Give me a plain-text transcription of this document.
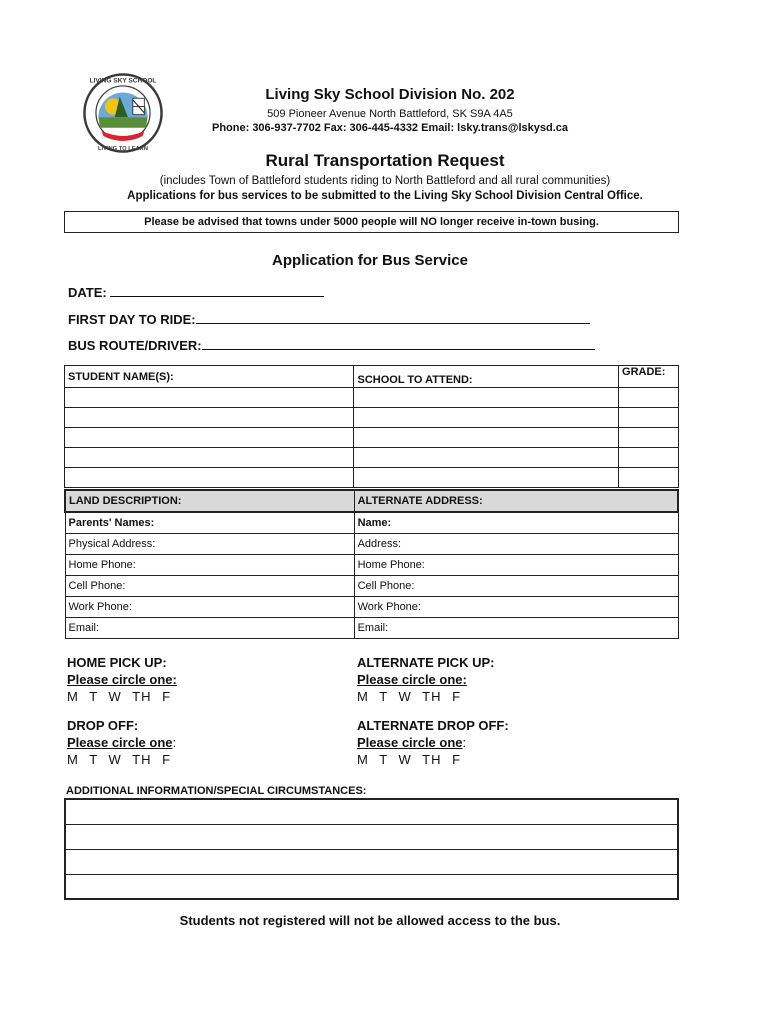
LIVING SKY SCHOOL
LIVING TO LEARN
Living Sky School Division No. 202
509 Pioneer Avenue North Battleford, SK S9A 4A5
Phone: 306-937-7702 Fax: 306-445-4332 Email: lsky.trans@lskysd.ca
Rural Transportation Request
(includes Town of Battleford students riding to North Battleford and all rural communities)
Applications for bus services to be submitted to the Living Sky School Division Central Office.
Please be advised that towns under 5000 people will NO longer receive in-town busing.
Application for Bus Service
DATE:
FIRST DAY TO RIDE:
BUS ROUTE/DRIVER:
STUDENT NAME(S):	SCHOOL TO ATTEND:	GRADE:

LAND DESCRIPTION:	ALTERNATE ADDRESS:
Parents' Names:	Name:
Physical Address:	Address:
Home Phone:	Home Phone:
Cell Phone:	Cell Phone:
Work Phone:	Work Phone:
Email:	Email:
HOME PICK UP:
Please circle one:
M T W TH F
ALTERNATE PICK UP:
Please circle one:
M T W TH F
DROP OFF:
Please circle one:
M T W TH F
ALTERNATE DROP OFF:
Please circle one:
M T W TH F
ADDITIONAL INFORMATION/SPECIAL CIRCUMSTANCES:

Students not registered will not be allowed access to the bus.
